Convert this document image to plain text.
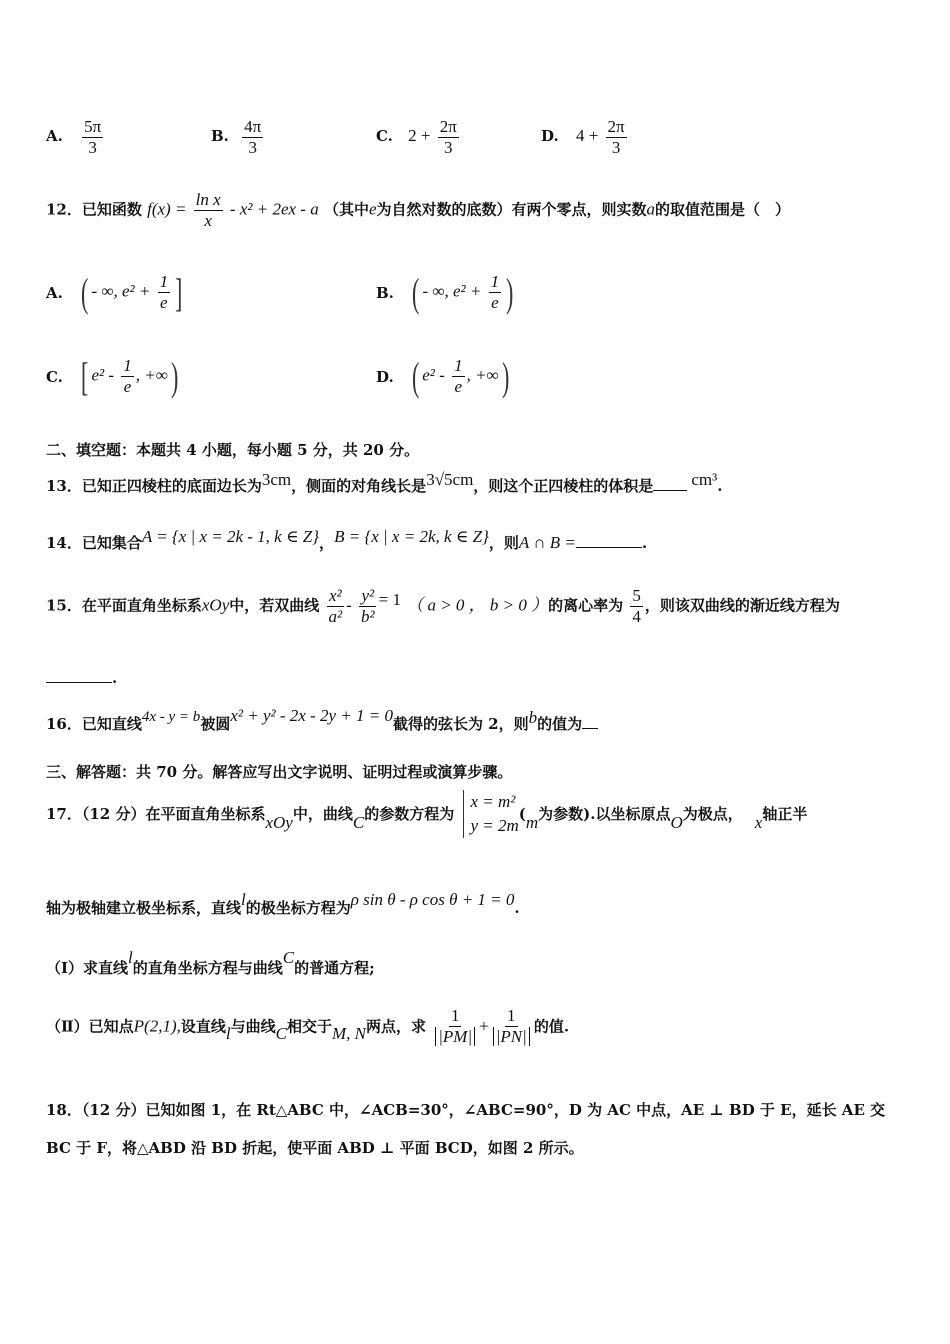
A. $\frac{5\pi}{3}$	B. $\frac{4\pi}{3}$	C. $2 + \frac{2\pi}{3}$	D. $4 + \frac{2\pi}{3}$
12．已知函数 $f(x) = \frac{\text{ln x}}{x} - x^2 + 2ex - a$ （其中e为自然对数的底数）有两个零点，则实数a的取值范围是（　）
A. ( - ∞, $e^2 + \frac{1}{e}$ ]	B. ( - ∞, $e^2 + \frac{1}{e}$ )
C. [ $e^2 - \frac{1}{e}$ , +∞)	D. ( $e^2 - \frac{1}{e}$ , +∞)
二、填空题：本题共 4 小题，每小题 5 分，共 20 分。
13．已知正四棱柱的底面边长为3cm，侧面的对角线长是3√5cm，则这个正四棱柱的体积是 cm³.
14．已知集合A = {x | x = 2k - 1, k ∈ Z}，B = {x | x = 2k, k ∈ Z}，则A ∩ B =	.
15．在平面直角坐标系xOy中，若双曲线 $\frac{\text{x²}}{\text{a²}} - \frac{\text{y²}}{\text{b²}} = 1$ （ a > 0 ， b > 0 ）的离心率为 $\frac{5}{4}$ ，则该双曲线的渐近线方程为
.
16．已知直线4x - y = b被圆x² + y² - 2x - 2y + 1 = 0截得的弦长为 2，则b的值为
三、解答题：共 70 分。解答应写出文字说明、证明过程或演算步骤。
17．（12 分）在平面直角坐标系xOy中，曲线C的参数方程为
x = m²
y = 2m
(m为参数).以坐标原点O为极点， x轴正半
轴为极轴建立极坐标系，直线l的极坐标方程为ρ sin θ - ρ cos θ + 1 = 0.
（Ⅰ）求直线l的直角坐标方程与曲线C的普通方程;
（Ⅱ）已知点P(2,1),设直线l与曲线C相交于M, N两点，求 $\frac{1}{|PM|} + \frac{1}{|PN|}$ 的值.
18．（12 分）已知如图 1，在 Rt△ABC 中，∠ACB=30°，∠ABC=90°，D 为 AC 中点，AE ⊥ BD 于 E，延长 AE 交
BC 于 F，将△ABD 沿 BD 折起，使平面 ABD ⊥ 平面 BCD，如图 2 所示。
